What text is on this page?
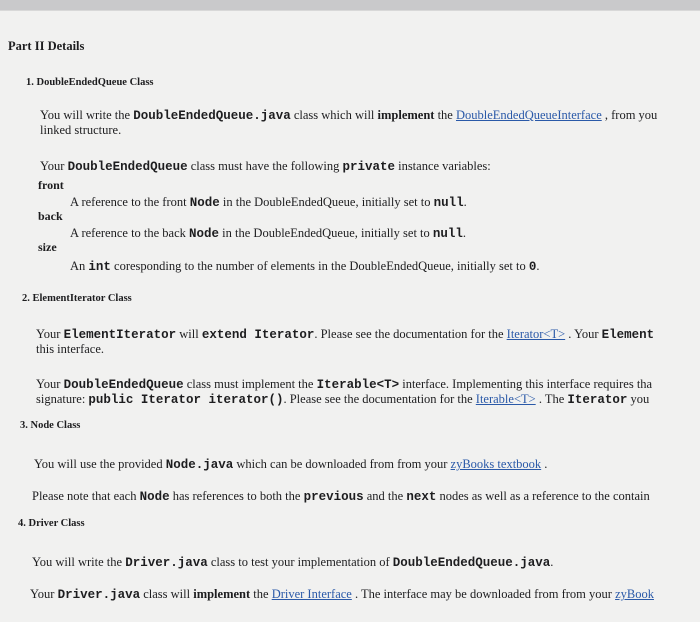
Part II Details
1. DoubleEndedQueue Class
You will write the DoubleEndedQueue.java class which will implement the DoubleEndedQueueInterface , from you
linked structure.
Your DoubleEndedQueue class must have the following private instance variables:
front
A reference to the front Node in the DoubleEndedQueue, initially set to null.
back
A reference to the back Node in the DoubleEndedQueue, initially set to null.
size
An int coresponding to the number of elements in the DoubleEndedQueue, initially set to 0.
2. ElementIterator Class
Your ElementIterator will extend Iterator. Please see the documentation for the Iterator<T> . Your Element
this interface.
Your DoubleEndedQueue class must implement the Iterable<T> interface. Implementing this interface requires tha
signature: public Iterator iterator(). Please see the documentation for the Iterable<T> . The Iterator you
3. Node Class
You will use the provided Node.java which can be downloaded from from your zyBooks textbook .
Please note that each Node has references to both the previous and the next nodes as well as a reference to the contain
4. Driver Class
You will write the Driver.java class to test your implementation of DoubleEndedQueue.java.
Your Driver.java class will implement the Driver Interface . The interface may be downloaded from from your zyBook
